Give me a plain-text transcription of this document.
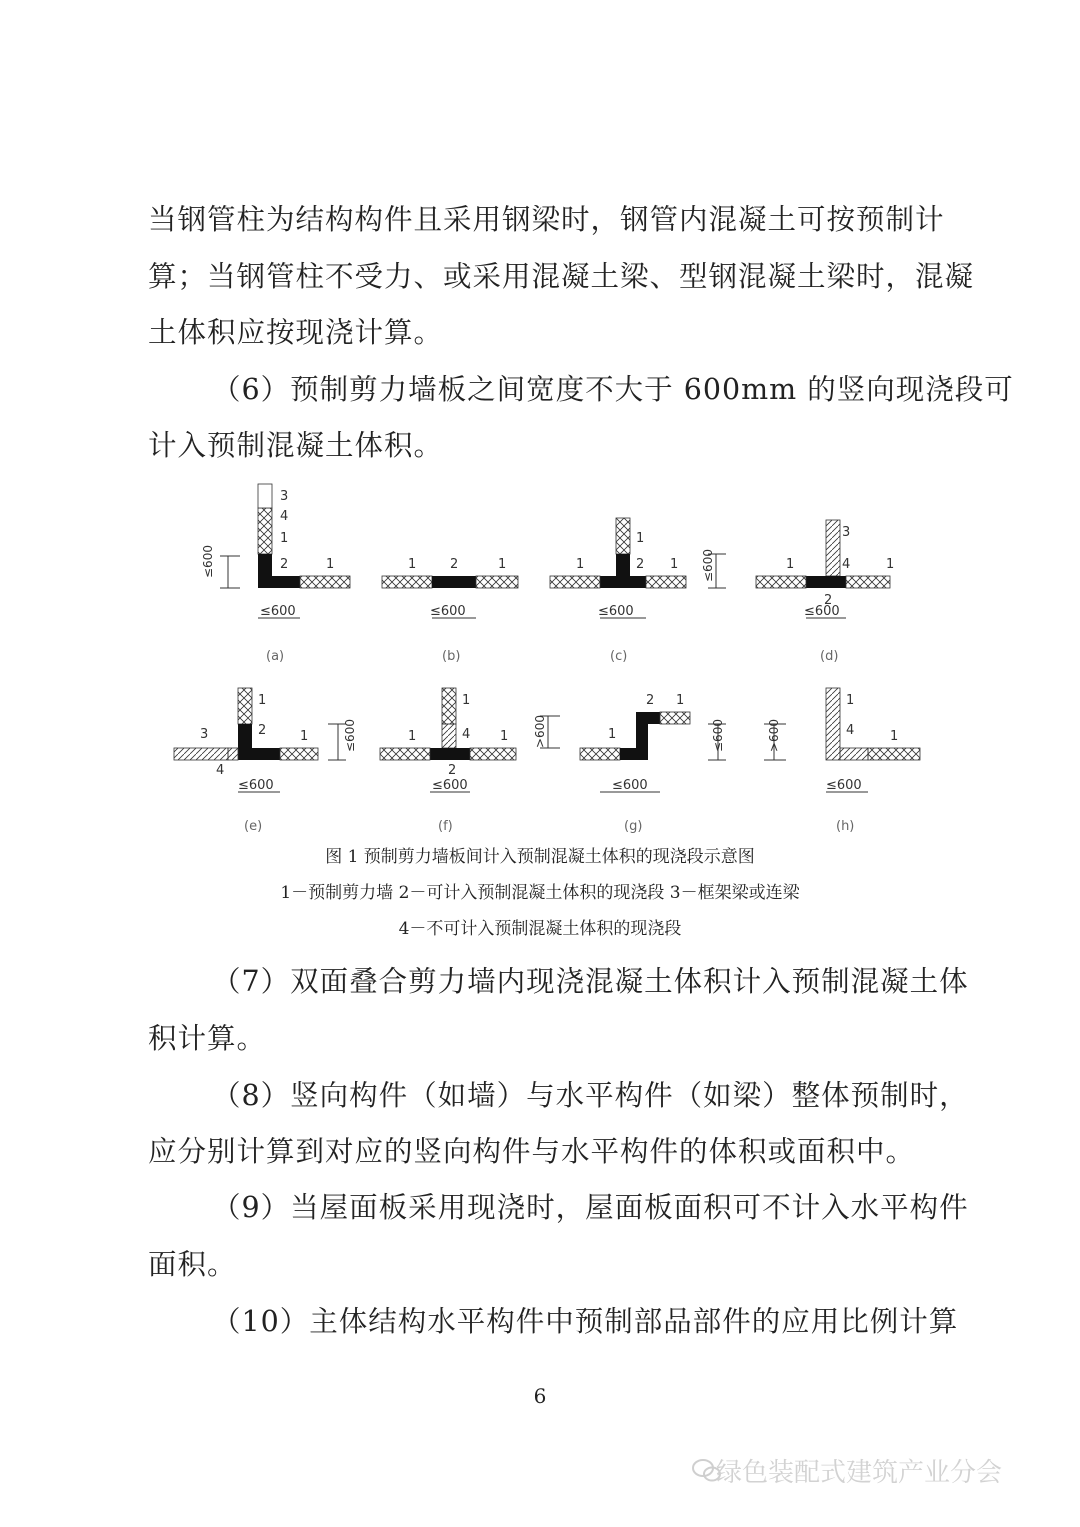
当钢管柱为结构构件且采用钢梁时，钢管内混凝土可按预制计
算；当钢管柱不受力、或采用混凝土梁、型钢混凝土梁时，混凝
土体积应按现浇计算。
（6）预制剪力墙板之间宽度不大于 600mm 的竖向现浇段可
计入预制混凝土体积。
3
4
1
2	1
≤600
≤600
(a)
1	2	1
≤600
(b)
1
2
1	1
≤600
(c)
≤600
3
4
1	1
2
≤600
(d)
1
2
3
4
1
≤600
(e)
≤600
1
4
1	1
2
≤600
(f)
>600	1
2 1
≤600
(g)
≤600	>600
1
4	1
≤600
(h)
图 1 预制剪力墙板间计入预制混凝土体积的现浇段示意图
1－预制剪力墙 2－可计入预制混凝土体积的现浇段 3－框架梁或连梁
4－不可计入预制混凝土体积的现浇段
（7）双面叠合剪力墙内现浇混凝土体积计入预制混凝土体
积计算。
（8）竖向构件（如墙）与水平构件（如梁）整体预制时，
应分别计算到对应的竖向构件与水平构件的体积或面积中。
（9）当屋面板采用现浇时，屋面板面积可不计入水平构件
面积。
（10）主体结构水平构件中预制部品部件的应用比例计算
6
绿色装配式建筑产业分会
